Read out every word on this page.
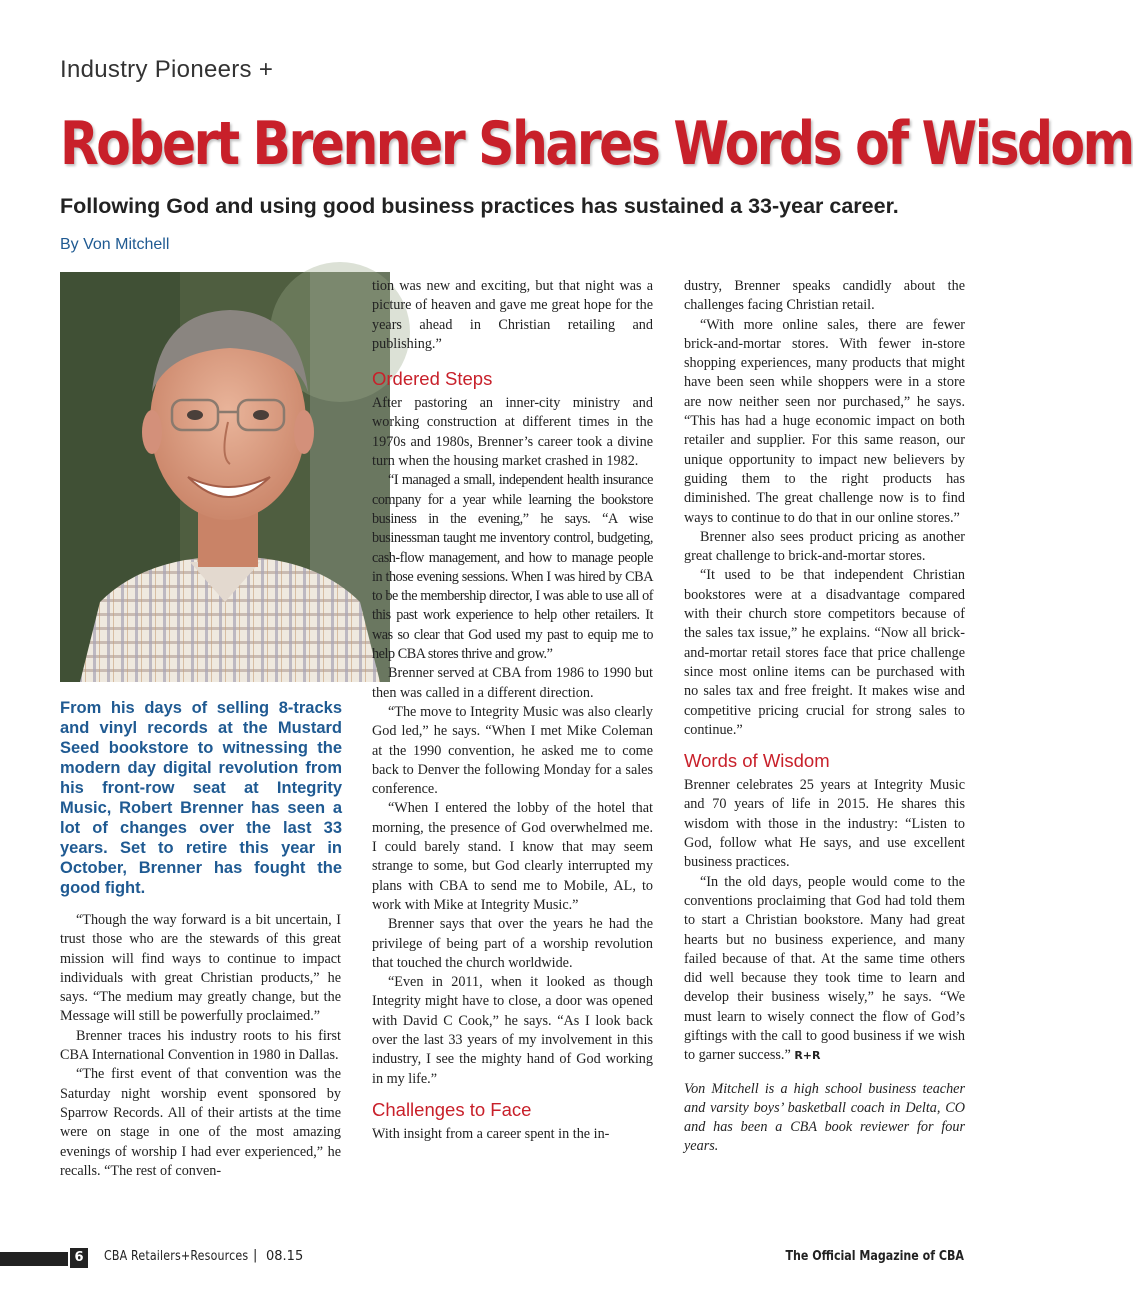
Industry Pioneers +
Robert Brenner Shares Words of Wisdom
Following God and using good business practices has sustained a 33-year career.
By Von Mitchell
From his days of selling 8-tracks and vinyl records at the Mustard Seed bookstore to witnessing the modern day digital revolution from his front-row seat at Integrity Music, Robert Brenner has seen a lot of changes over the last 33 years. Set to retire this year in October, Brenner has fought the good fight.

“Though the way forward is a bit uncertain, I trust those who are the stewards of this great mission will find ways to continue to impact individuals with great Christian products,” he says. “The medium may greatly change, but the Message will still be powerfully proclaimed.”

Brenner traces his industry roots to his first CBA International Convention in 1980 in Dallas.

“The first event of that convention was the Saturday night worship event sponsored by Sparrow Records. All of their artists at the time were on stage in one of the most amazing evenings of worship I had ever experienced,” he recalls. “The rest of conven-

tion was new and exciting, but that night was a picture of heaven and gave me great hope for the years ahead in Christian retailing and publishing.”

Ordered Steps

After pastoring an inner-city ministry and working construction at different times in the 1970s and 1980s, Brenner’s career took a divine turn when the housing market crashed in 1982.

“I managed a small, independent health insurance company for a year while learning the bookstore business in the evening,” he says. “A wise businessman taught me inventory control, budgeting, cash-flow management, and how to manage people in those evening sessions. When I was hired by CBA to be the membership director, I was able to use all of this past work experience to help other retailers. It was so clear that God used my past to equip me to help CBA stores thrive and grow.”

Brenner served at CBA from 1986 to 1990 but then was called in a different direction.

“The move to Integrity Music was also clearly God led,” he says. “When I met Mike Coleman at the 1990 convention, he asked me to come back to Denver the following Monday for a sales conference.

“When I entered the lobby of the hotel that morning, the presence of God overwhelmed me. I could barely stand. I know that may seem strange to some, but God clearly interrupted my plans with CBA to send me to Mobile, AL, to work with Mike at Integrity Music.”

Brenner says that over the years he had the privilege of being part of a worship revolution that touched the church worldwide.

“Even in 2011, when it looked as though Integrity might have to close, a door was opened with David C Cook,” he says. “As I look back over the last 33 years of my involvement in this industry, I see the mighty hand of God working in my life.”

Challenges to Face

With insight from a career spent in the in-

dustry, Brenner speaks candidly about the challenges facing Christian retail.

“With more online sales, there are fewer brick-and-mortar stores. With fewer in-store shopping experiences, many products that might have been seen while shoppers were in a store are now neither seen nor purchased,” he says. “This has had a huge economic impact on both retailer and supplier. For this same reason, our unique opportunity to impact new believers by guiding them to the right products has diminished. The great challenge now is to find ways to continue to do that in our online stores.”

Brenner also sees product pricing as another great challenge to brick-and-mortar stores.

“It used to be that independent Christian bookstores were at a disadvantage compared with their church store competitors because of the sales tax issue,” he explains. “Now all brick-and-mortar retail stores face that price challenge since most online items can be purchased with no sales tax and free freight. It makes wise and competitive pricing crucial for strong sales to continue.”

Words of Wisdom

Brenner celebrates 25 years at Integrity Music and 70 years of life in 2015. He shares this wisdom with those in the industry: “Listen to God, follow what He says, and use excellent business practices.

“In the old days, people would come to the conventions proclaiming that God had told them to start a Christian bookstore. Many had great hearts but no business experience, and many failed because of that. At the same time others did well because they took time to learn and develop their business wisely,” he says. “We must learn to wisely connect the flow of God’s giftings with the call to good business if we wish to garner success.” R+R

Von Mitchell is a high school business teacher and varsity boys’ basketball coach in Delta, CO and has been a CBA book reviewer for four years.

6	CBA Retailers+Resources | 08.15	The Official Magazine of CBA
